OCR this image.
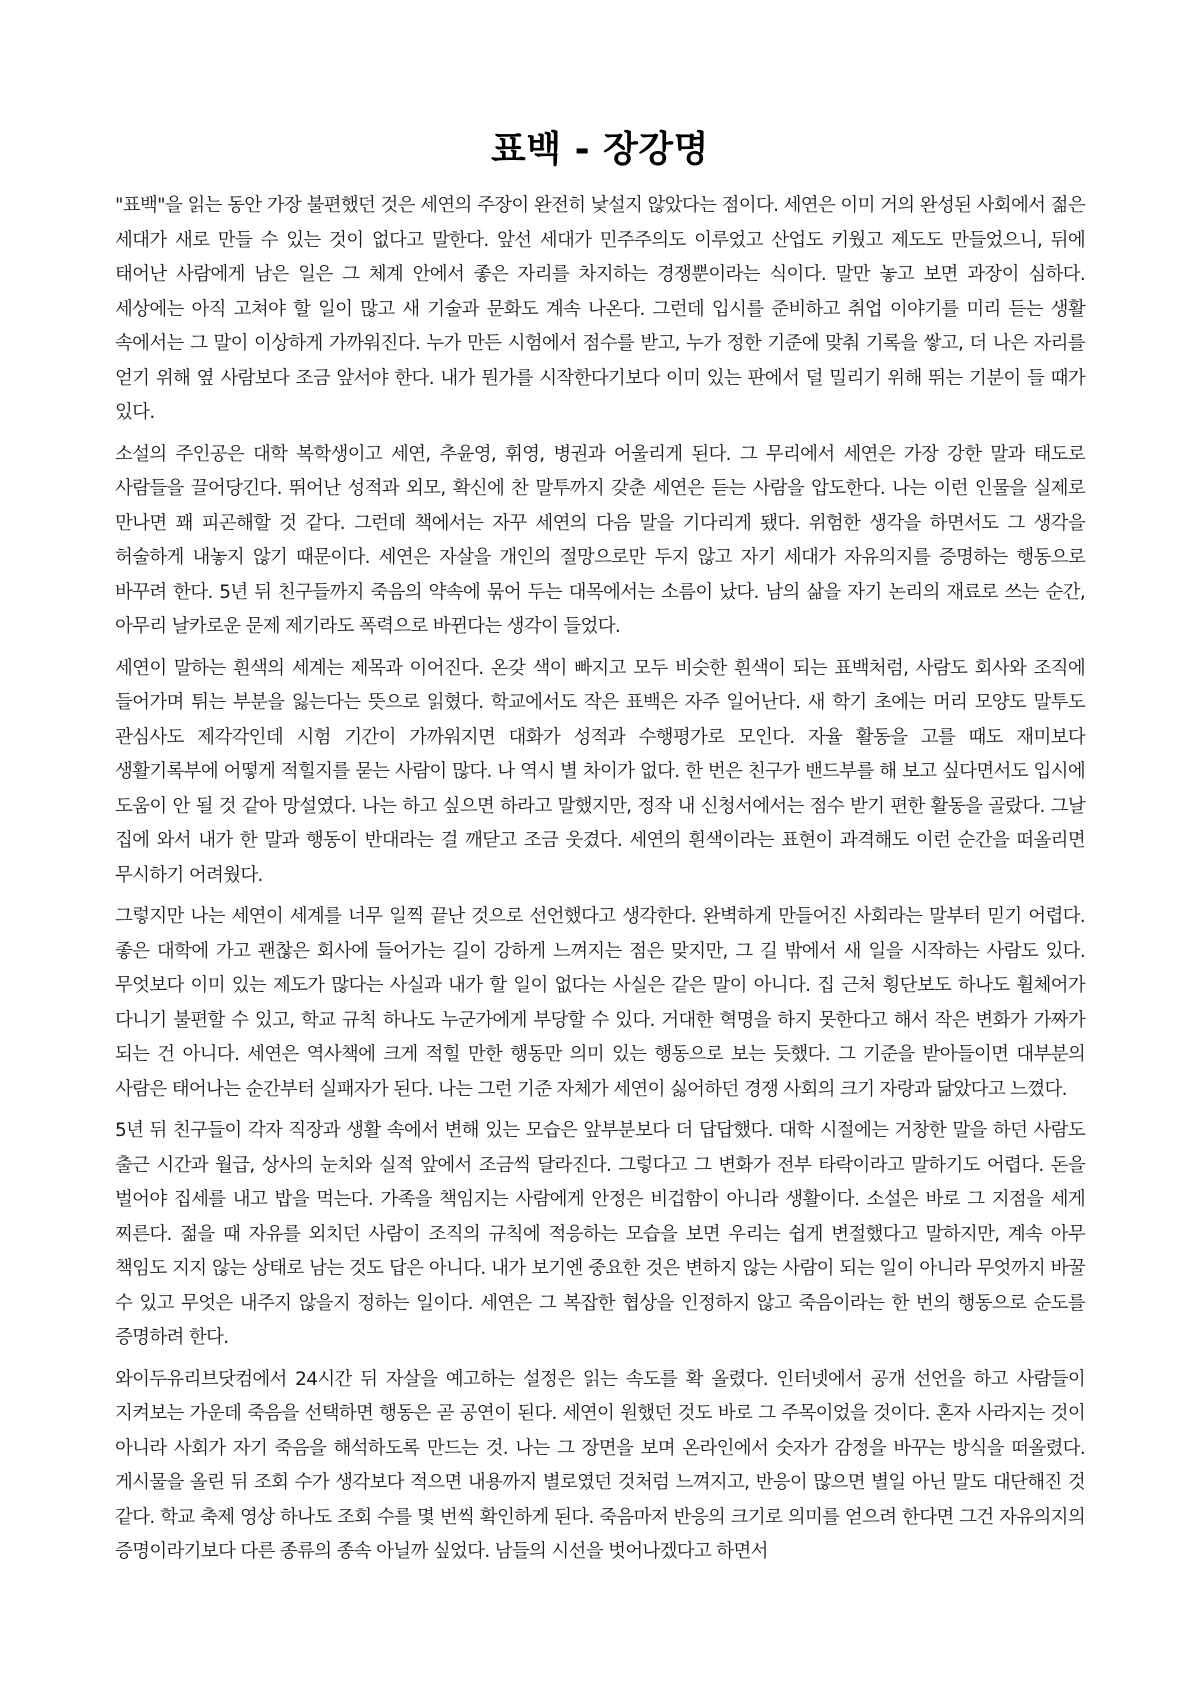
표백 - 장강명

"표백"을 읽는 동안 가장 불편했던 것은 세연의 주장이 완전히 낯설지 않았다는 점이다. 세연은 이미 거의 완성된 사회에서 젊은 세대가 새로 만들 수 있는 것이 없다고 말한다. 앞선 세대가 민주주의도 이루었고 산업도 키웠고 제도도 만들었으니, 뒤에 태어난 사람에게 남은 일은 그 체계 안에서 좋은 자리를 차지하는 경쟁뿐이라는 식이다. 말만 놓고 보면 과장이 심하다. 세상에는 아직 고쳐야 할 일이 많고 새 기술과 문화도 계속 나온다. 그런데 입시를 준비하고 취업 이야기를 미리 듣는 생활 속에서는 그 말이 이상하게 가까워진다. 누가 만든 시험에서 점수를 받고, 누가 정한 기준에 맞춰 기록을 쌓고, 더 나은 자리를 얻기 위해 옆 사람보다 조금 앞서야 한다. 내가 뭔가를 시작한다기보다 이미 있는 판에서 덜 밀리기 위해 뛰는 기분이 들 때가 있다.

소설의 주인공은 대학 복학생이고 세연, 추윤영, 휘영, 병권과 어울리게 된다. 그 무리에서 세연은 가장 강한 말과 태도로 사람들을 끌어당긴다. 뛰어난 성적과 외모, 확신에 찬 말투까지 갖춘 세연은 듣는 사람을 압도한다. 나는 이런 인물을 실제로 만나면 꽤 피곤해할 것 같다. 그런데 책에서는 자꾸 세연의 다음 말을 기다리게 됐다. 위험한 생각을 하면서도 그 생각을 허술하게 내놓지 않기 때문이다. 세연은 자살을 개인의 절망으로만 두지 않고 자기 세대가 자유의지를 증명하는 행동으로 바꾸려 한다. 5년 뒤 친구들까지 죽음의 약속에 묶어 두는 대목에서는 소름이 났다. 남의 삶을 자기 논리의 재료로 쓰는 순간, 아무리 날카로운 문제 제기라도 폭력으로 바뀐다는 생각이 들었다.

세연이 말하는 흰색의 세계는 제목과 이어진다. 온갖 색이 빠지고 모두 비슷한 흰색이 되는 표백처럼, 사람도 회사와 조직에 들어가며 튀는 부분을 잃는다는 뜻으로 읽혔다. 학교에서도 작은 표백은 자주 일어난다. 새 학기 초에는 머리 모양도 말투도 관심사도 제각각인데 시험 기간이 가까워지면 대화가 성적과 수행평가로 모인다. 자율 활동을 고를 때도 재미보다 생활기록부에 어떻게 적힐지를 묻는 사람이 많다. 나 역시 별 차이가 없다. 한 번은 친구가 밴드부를 해 보고 싶다면서도 입시에 도움이 안 될 것 같아 망설였다. 나는 하고 싶으면 하라고 말했지만, 정작 내 신청서에서는 점수 받기 편한 활동을 골랐다. 그날 집에 와서 내가 한 말과 행동이 반대라는 걸 깨닫고 조금 웃겼다. 세연의 흰색이라는 표현이 과격해도 이런 순간을 떠올리면 무시하기 어려웠다.

그렇지만 나는 세연이 세계를 너무 일찍 끝난 것으로 선언했다고 생각한다. 완벽하게 만들어진 사회라는 말부터 믿기 어렵다. 좋은 대학에 가고 괜찮은 회사에 들어가는 길이 강하게 느껴지는 점은 맞지만, 그 길 밖에서 새 일을 시작하는 사람도 있다. 무엇보다 이미 있는 제도가 많다는 사실과 내가 할 일이 없다는 사실은 같은 말이 아니다. 집 근처 횡단보도 하나도 휠체어가 다니기 불편할 수 있고, 학교 규칙 하나도 누군가에게 부당할 수 있다. 거대한 혁명을 하지 못한다고 해서 작은 변화가 가짜가 되는 건 아니다. 세연은 역사책에 크게 적힐 만한 행동만 의미 있는 행동으로 보는 듯했다. 그 기준을 받아들이면 대부분의 사람은 태어나는 순간부터 실패자가 된다. 나는 그런 기준 자체가 세연이 싫어하던 경쟁 사회의 크기 자랑과 닮았다고 느꼈다.

5년 뒤 친구들이 각자 직장과 생활 속에서 변해 있는 모습은 앞부분보다 더 답답했다. 대학 시절에는 거창한 말을 하던 사람도 출근 시간과 월급, 상사의 눈치와 실적 앞에서 조금씩 달라진다. 그렇다고 그 변화가 전부 타락이라고 말하기도 어렵다. 돈을 벌어야 집세를 내고 밥을 먹는다. 가족을 책임지는 사람에게 안정은 비겁함이 아니라 생활이다. 소설은 바로 그 지점을 세게 찌른다. 젊을 때 자유를 외치던 사람이 조직의 규칙에 적응하는 모습을 보면 우리는 쉽게 변절했다고 말하지만, 계속 아무 책임도 지지 않는 상태로 남는 것도 답은 아니다. 내가 보기엔 중요한 것은 변하지 않는 사람이 되는 일이 아니라 무엇까지 바꿀 수 있고 무엇은 내주지 않을지 정하는 일이다. 세연은 그 복잡한 협상을 인정하지 않고 죽음이라는 한 번의 행동으로 순도를 증명하려 한다.

와이두유리브닷컴에서 24시간 뒤 자살을 예고하는 설정은 읽는 속도를 확 올렸다. 인터넷에서 공개 선언을 하고 사람들이 지켜보는 가운데 죽음을 선택하면 행동은 곧 공연이 된다. 세연이 원했던 것도 바로 그 주목이었을 것이다. 혼자 사라지는 것이 아니라 사회가 자기 죽음을 해석하도록 만드는 것. 나는 그 장면을 보며 온라인에서 숫자가 감정을 바꾸는 방식을 떠올렸다. 게시물을 올린 뒤 조회 수가 생각보다 적으면 내용까지 별로였던 것처럼 느껴지고, 반응이 많으면 별일 아닌 말도 대단해진 것 같다. 학교 축제 영상 하나도 조회 수를 몇 번씩 확인하게 된다. 죽음마저 반응의 크기로 의미를 얻으려 한다면 그건 자유의지의 증명이라기보다 다른 종류의 종속 아닐까 싶었다. 남들의 시선을 벗어나겠다고 하면서
